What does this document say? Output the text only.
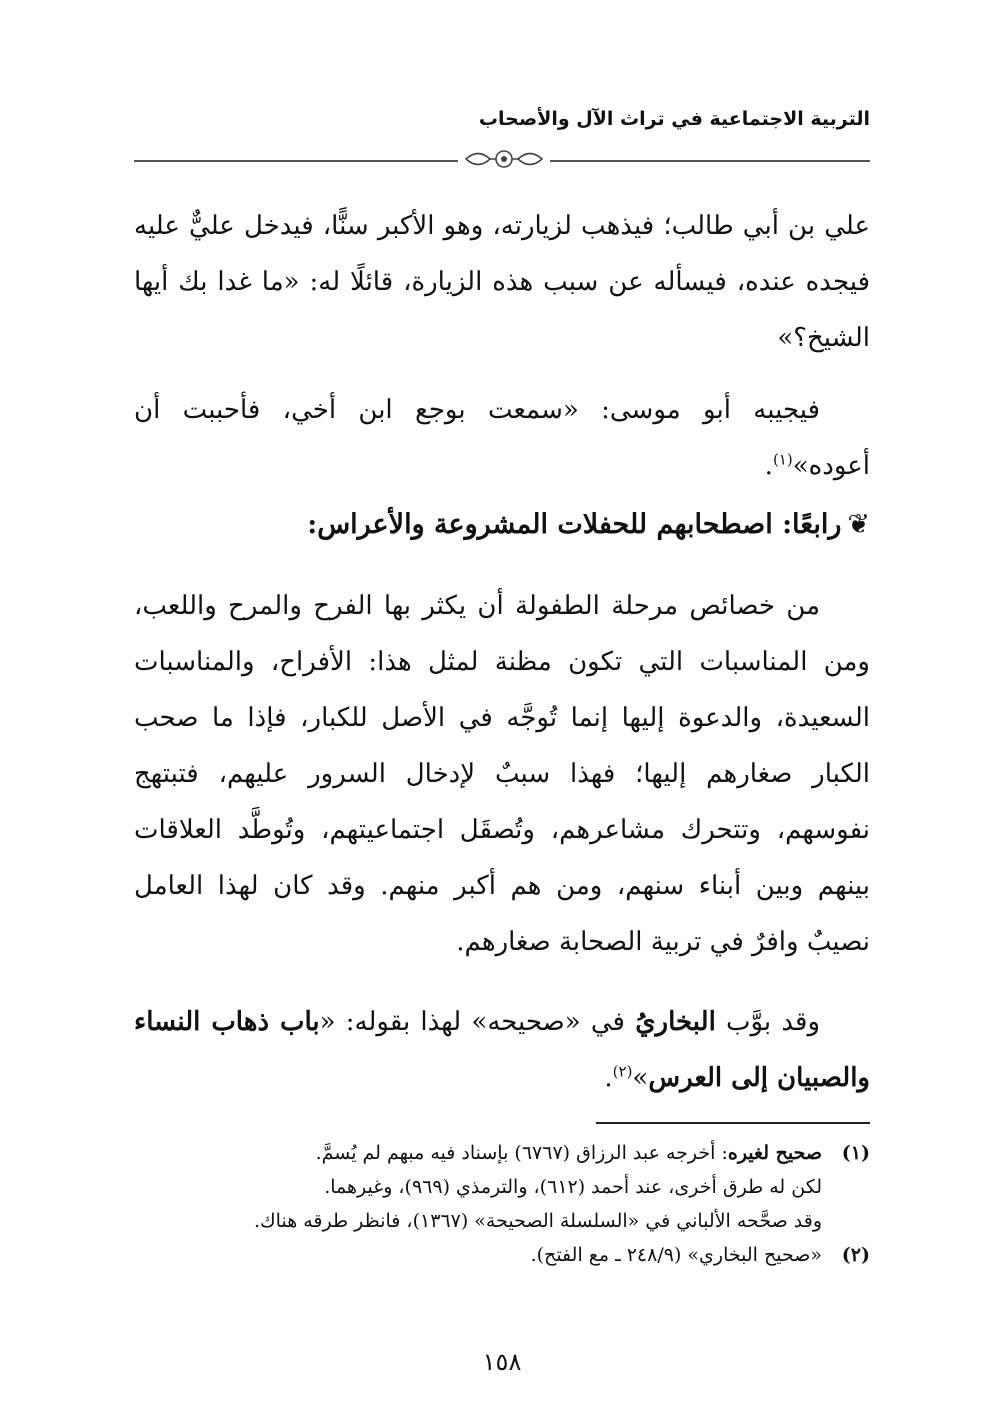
التربية الاجتماعية في تراث الآل والأصحاب
علي بن أبي طالب؛ فيذهب لزيارته، وهو الأكبر سنًّا، فيدخل عليٌّ عليه فيجده عنده، فيسأله عن سبب هذه الزيارة، قائلًا له: «ما غدا بك أيها الشيخ؟»
فيجيبه أبو موسى: «سمعت بوجع ابن أخي، فأحببت أن أعوده»$^{(١)}$.
❦رابعًا: اصطحابهم للحفلات المشروعة والأعراس:
من خصائص مرحلة الطفولة أن يكثر بها الفرح والمرح واللعب، ومن المناسبات التي تكون مظنة لمثل هذا: الأفراح، والمناسبات السعيدة، والدعوة إليها إنما تُوجَّه في الأصل للكبار، فإذا ما صحب الكبار صغارهم إليها؛ فهذا سببٌ لإدخال السرور عليهم، فتبتهج نفوسهم، وتتحرك مشاعرهم، وتُصقَل اجتماعيتهم، وتُوطَّد العلاقات بينهم وبين أبناء سنهم، ومن هم أكبر منهم. وقد كان لهذا العامل نصيبٌ وافرٌ في تربية الصحابة صغارهم.
وقد بوَّب البخاريُ في «صحيحه» لهذا بقوله: «باب ذهاب النساء والصبيان إلى العرس»$^{(٢)}$.
(١)صحيح لغيره: أخرجه عبد الرزاق (٦٧٦٧) بإسناد فيه مبهم لم يُسمَّ.
لكن له طرق أخرى، عند أحمد (٦١٢)، والترمذي (٩٦٩)، وغيرهما.
وقد صحَّحه الألباني في «السلسلة الصحيحة» (١٣٦٧)، فانظر طرقه هناك.
(٢)«صحيح البخاري» (٢٤٨/٩ ـ مع الفتح).
١٥٨
